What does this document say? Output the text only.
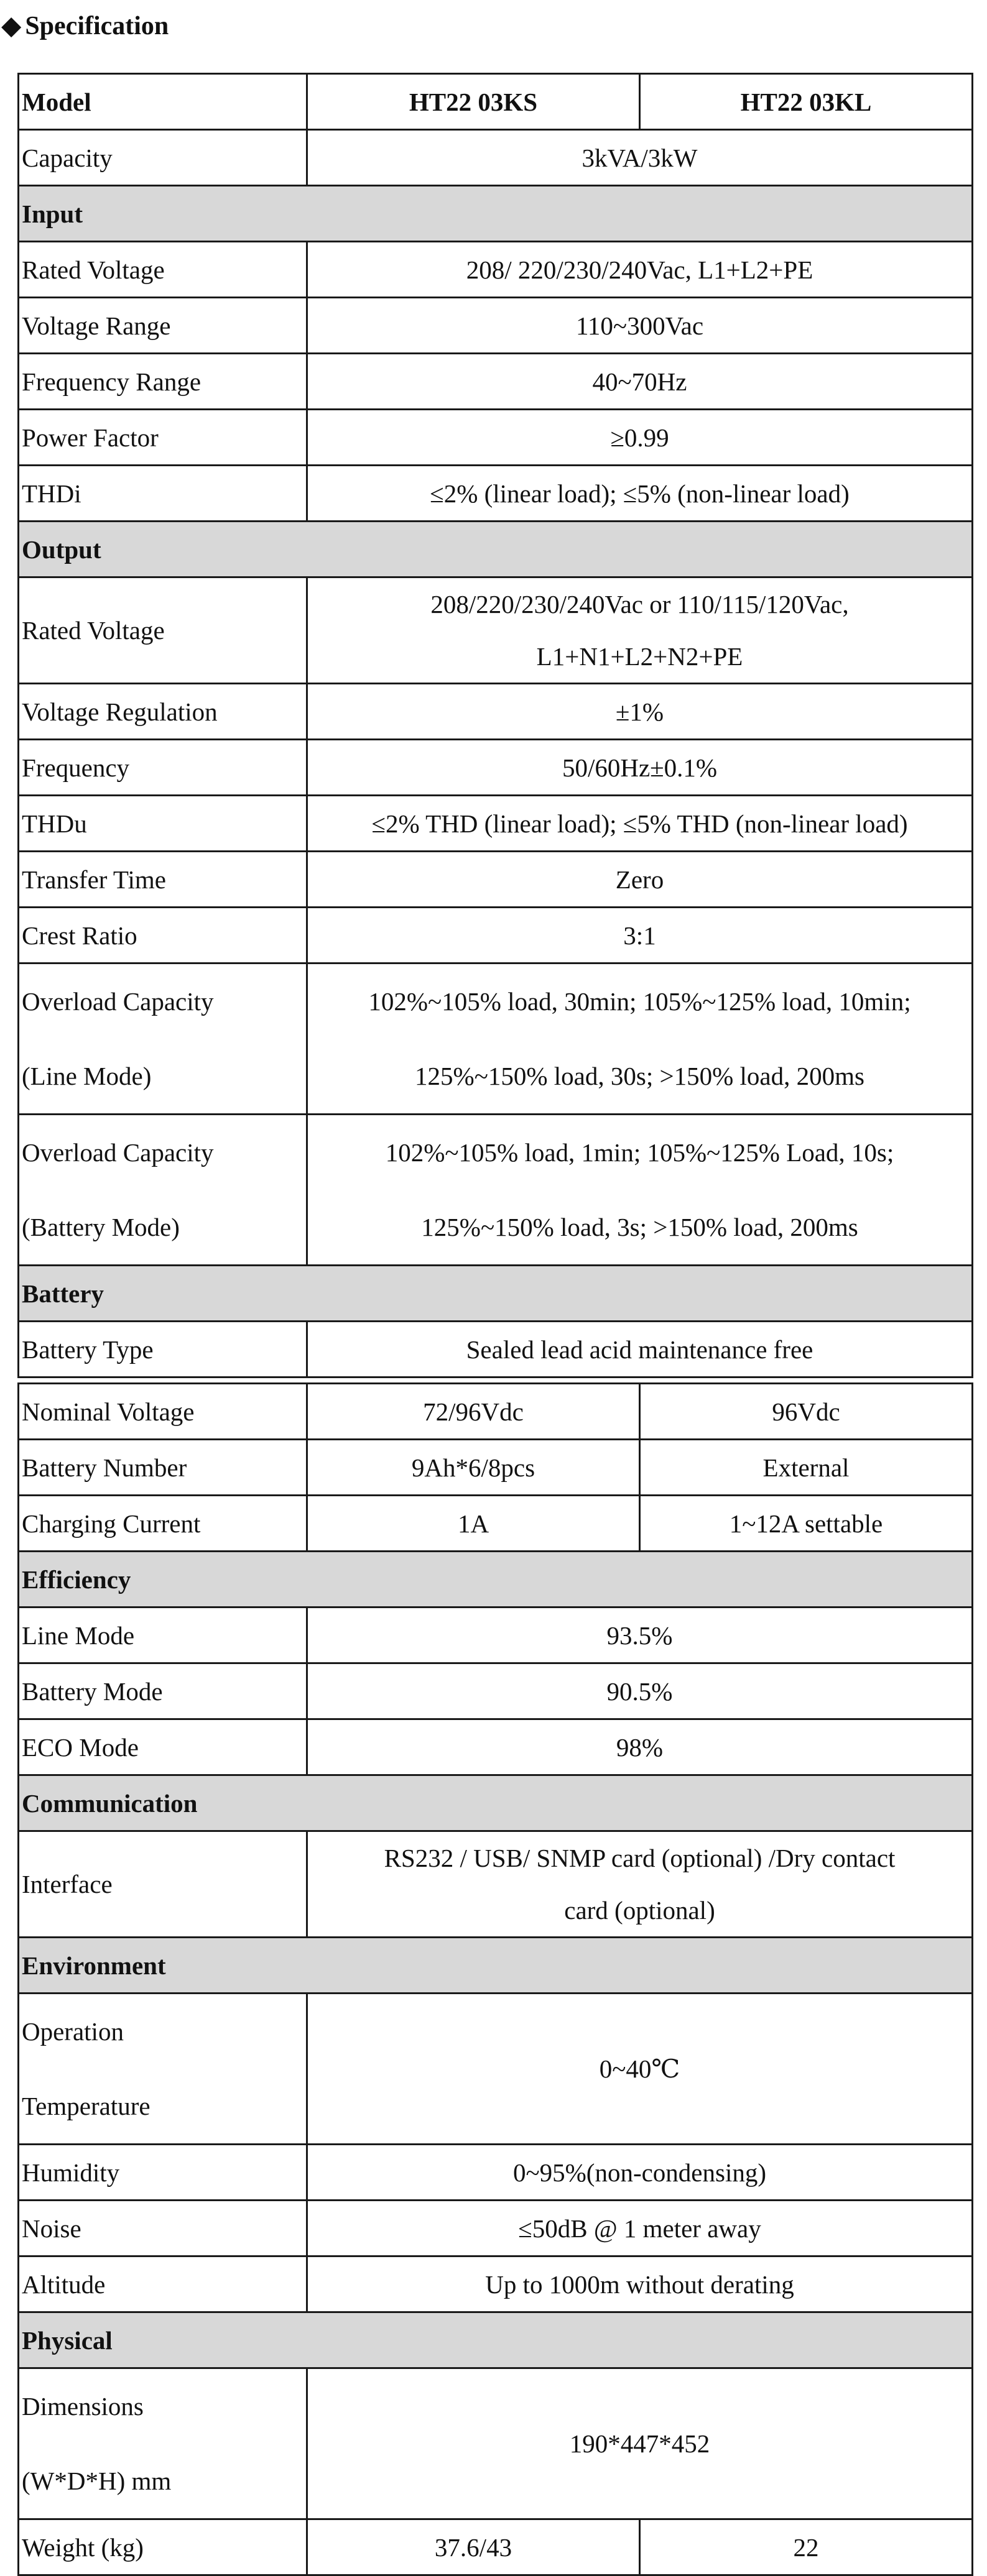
◆ Specification
Model	HT22 03KS	HT22 03KL
Capacity	3kVA/3kW	
Input		
Rated Voltage	208/ 220/230/240Vac, L1+L2+PE	
Voltage Range	110~300Vac	
Frequency Range	40~70Hz	
Power Factor	≥0.99	
THDi	≤2% (linear load); ≤5% (non-linear load)	
Output		
Rated Voltage	208/220/230/240Vac or 110/115/120Vac,
L1+N1+L2+N2+PE	
Voltage Regulation	±1%	
Frequency	50/60Hz±0.1%	
THDu	≤2% THD (linear load); ≤5% THD (non-linear load)	
Transfer Time	Zero	
Crest Ratio	3:1	
Overload Capacity
(Line Mode)	102%~105% load, 30min; 105%~125% load, 10min;
125%~150% load, 30s; >150% load, 200ms	
Overload Capacity
(Battery Mode)	102%~105% load, 1min; 105%~125% Load, 10s;
125%~150% load, 3s; >150% load, 200ms	
Battery		
Battery Type	Sealed lead acid maintenance free	

Nominal Voltage	72/96Vdc	96Vdc
Battery Number	9Ah*6/8pcs	External
Charging Current	1A	1~12A settable
Efficiency		
Line Mode	93.5%	
Battery Mode	90.5%	
ECO Mode	98%	
Communication		
Interface	RS232 / USB/ SNMP card (optional) /Dry contact
card (optional)	
Environment		
Operation
Temperature	0~40℃	
Humidity	0~95%(non-condensing)	
Noise	≤50dB @ 1 meter away	
Altitude	Up to 1000m without derating	
Physical		
Dimensions
(W*D*H) mm	190*447*452	
Weight (kg)	37.6/43	22
